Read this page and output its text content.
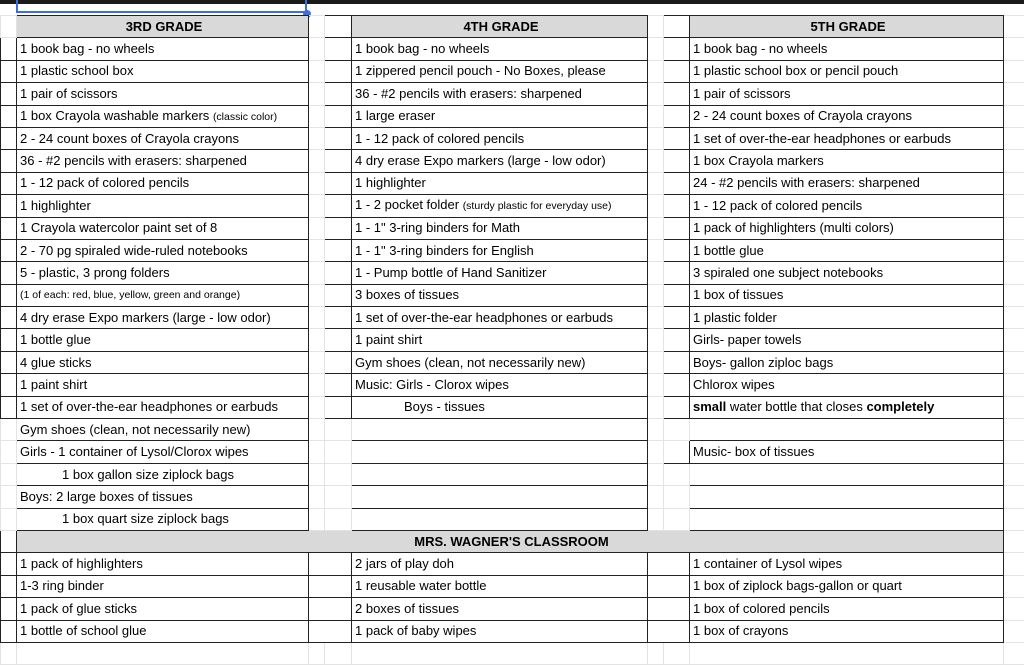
	3RD GRADE			4TH GRADE			5TH GRADE	
	1 book bag - no wheels			1 book bag - no wheels			1 book bag - no wheels	
	1 plastic school box			1 zippered pencil pouch - No Boxes, please			1 plastic school box or pencil pouch	
	1 pair of scissors			36 - #2 pencils with erasers: sharpened			1 pair of scissors	
	1 box Crayola washable markers (classic color)			1 large eraser			2 - 24 count boxes of Crayola crayons	
	2 - 24 count boxes of Crayola crayons			1 - 12 pack of colored pencils			1 set of over-the-ear headphones or earbuds	
	36 - #2 pencils with erasers: sharpened			4 dry erase Expo markers (large - low odor)			1 box Crayola markers	
	1 - 12 pack of colored pencils			1 highlighter			24 - #2 pencils with erasers: sharpened	
	1 highlighter			1 - 2 pocket folder (sturdy plastic for everyday use)			1 - 12 pack of colored pencils	
	1 Crayola watercolor paint set of 8			1 - 1" 3-ring binders for Math			1 pack of highlighters (multi colors)	
	2 - 70 pg spiraled wide-ruled notebooks			1 - 1" 3-ring binders for English			1 bottle glue	
	5 - plastic, 3 prong folders			1 - Pump bottle of Hand Sanitizer			3 spiraled one subject notebooks	
	(1 of each: red, blue, yellow, green and orange)			3 boxes of tissues			1 box of tissues	
	4 dry erase Expo markers (large - low odor)			1 set of over-the-ear headphones or earbuds			1 plastic folder	
	1 bottle glue			1 paint shirt			Girls- paper towels	
	4 glue sticks			Gym shoes (clean, not necessarily new)			Boys- gallon ziploc bags	
	1 paint shirt			Music: Girls - Clorox wipes			Chlorox wipes	
	1 set of over-the-ear headphones or earbuds			Boys - tissues			small water bottle that closes completely	
	Gym shoes (clean, not necessarily new)							
	Girls - 1 container of Lysol/Clorox wipes						Music- box of tissues	
	1 box gallon size ziplock bags							
	Boys: 2 large boxes of tissues							
	1 box quart size ziplock bags							
	MRS. WAGNER'S CLASSROOM							
	1 pack of highlighters			2 jars of play doh			1 container of Lysol wipes	
	1-3 ring binder			1 reusable water bottle			1 box of ziplock bags-gallon or quart	
	1 pack of glue sticks			2 boxes of tissues			1 box of colored pencils	
	1 bottle of school glue			1 pack of baby wipes			1 box of crayons	
